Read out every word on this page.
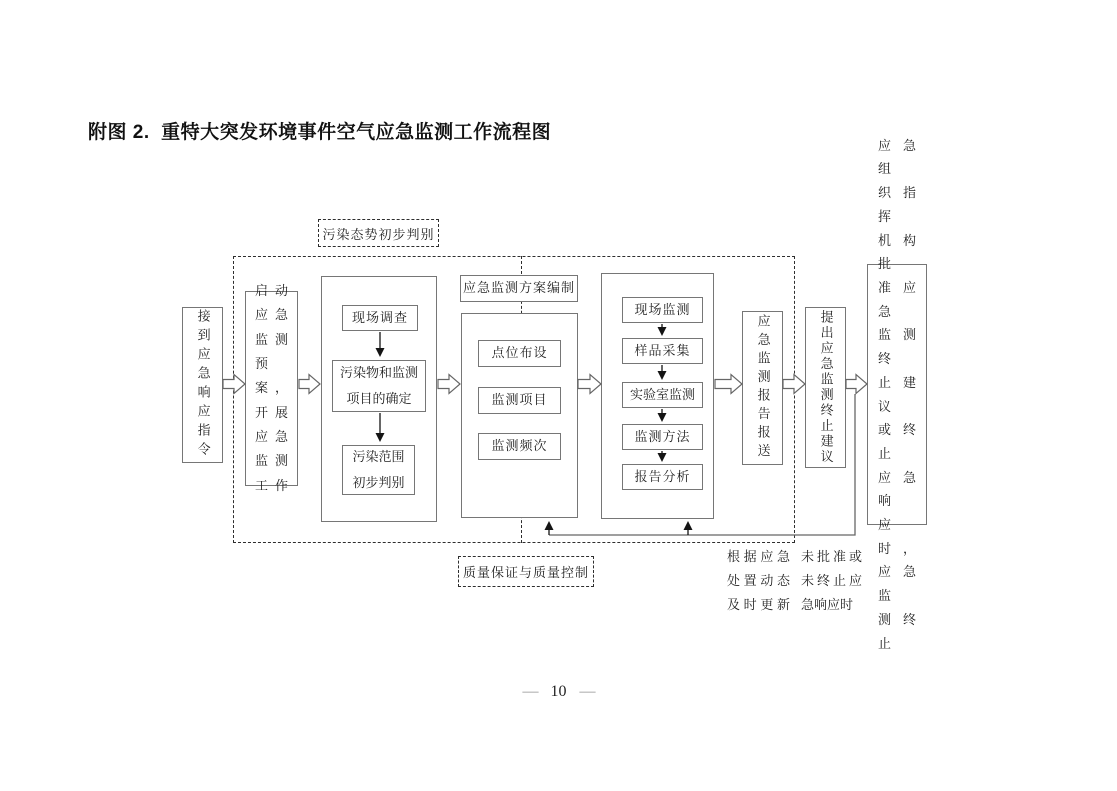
附图 2.  重特大突发环境事件空气应急监测工作流程图
污染态势初步判别
质量保证与质量控制
应急监测方案编制
接到应急响应指令
启动
应急
监测
预案，
开展
应急
监测
工作
现场调查
污染物和监测
项目的确定
污染范围
初步判别
点位布设
监测项目
监测频次
现场监测
样品采集
实验室监测
监测方法
报告分析
应急监测报告报送	提出应急监测终止建议
应急组
织指挥
机构批
准应急
监测终
止建议
或终止
应急响
应时，
应急监
测终止
根据应急
处置动态
及时更新
未批准或
未终止应
急响应时
— 10 —
